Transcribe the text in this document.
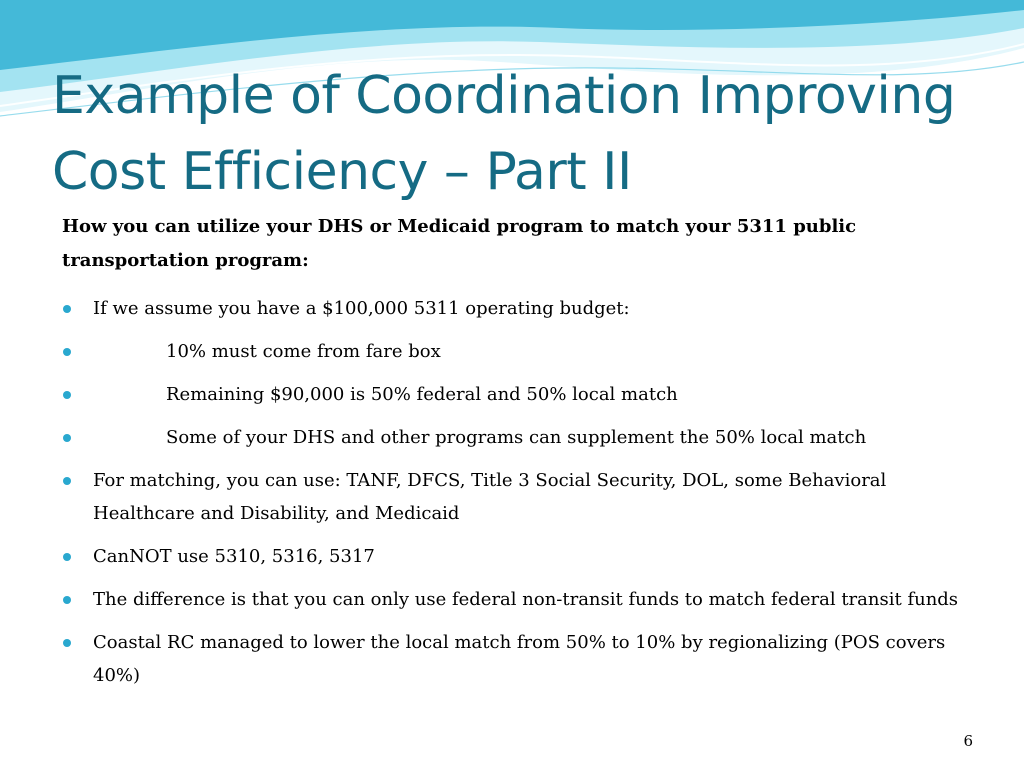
Example of Coordination Improving
Cost Efficiency – Part II

How you can utilize your DHS or Medicaid program to match your 5311 public
transportation program:

If we assume you have a $100,000 5311 operating budget:
10% must come from fare box
Remaining $90,000 is 50% federal and 50% local match
Some of your DHS and other programs can supplement the 50% local match
For matching, you can use: TANF, DFCS, Title 3 Social Security, DOL, some Behavioral Healthcare and Disability, and Medicaid
CanNOT use 5310, 5316, 5317
The difference is that you can only use federal non-transit funds to match federal transit funds
Coastal RC managed to lower the local match from 50% to 10% by regionalizing (POS covers 40%)
6
